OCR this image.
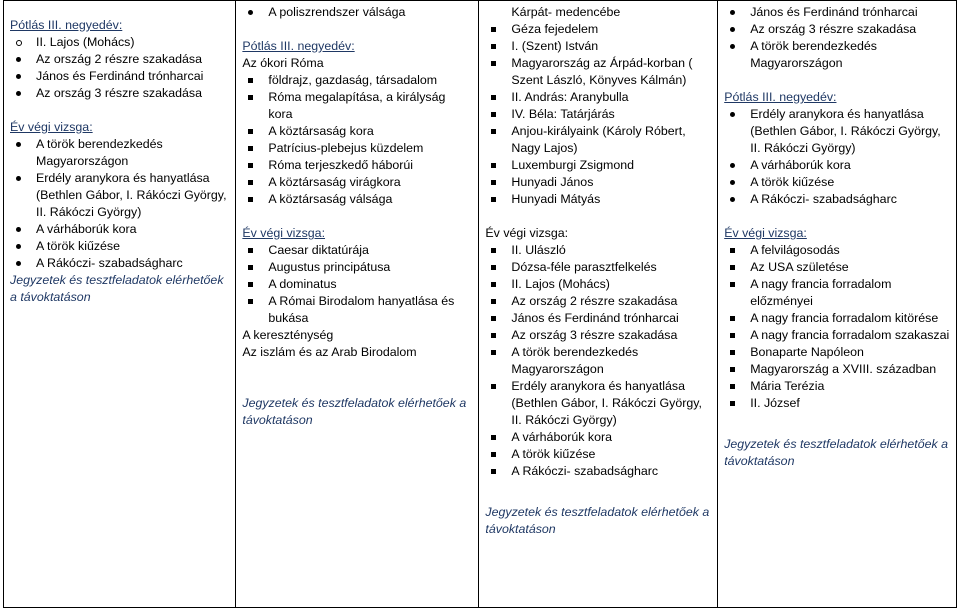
Pótlás III. negyedév:
II. Lajos (Mohács)
Az ország 2 részre szakadása
János és Ferdinánd trónharcai
Az ország 3 részre szakadása
Év végi vizsga:
A török berendezkedés Magyarországon
Erdély aranykora és hanyatlása (Bethlen Gábor, I. Rákóczi György, II. Rákóczi György)
A várháborúk kora
A török kiűzése
A Rákóczi- szabadságharc
Jegyzetek és tesztfeladatok elérhetőek a távoktatáson

A poliszrendszer válsága
Pótlás III. negyedév:
Az ókori Róma
földrajz, gazdaság, társadalom
Róma megalapítása, a királyság kora
A köztársaság kora
Patrícius-plebejus küzdelem
Róma terjeszkedő háborúi
A köztársaság virágkora
A köztársaság válsága
Év végi vizsga:
Caesar diktatúrája
Augustus principátusa
A dominatus
A Római Birodalom hanyatlása és bukása
A kereszténység
Az iszlám és az Arab Birodalom
Jegyzetek és tesztfeladatok elérhetőek a távoktatáson

Kárpát- medencébe
Géza fejedelem
I. (Szent) István
Magyarország az Árpád-korban ( Szent László, Könyves Kálmán)
II. András: Aranybulla
IV. Béla: Tatárjárás
Anjou-királyaink (Károly Róbert, Nagy Lajos)
Luxemburgi Zsigmond
Hunyadi János
Hunyadi Mátyás
Év végi vizsga:
II. Ulászló
Dózsa-féle parasztfelkelés
II. Lajos (Mohács)
Az ország 2 részre szakadása
János és Ferdinánd trónharcai
Az ország 3 részre szakadása
A török berendezkedés Magyarországon
Erdély aranykora és hanyatlása (Bethlen Gábor, I. Rákóczi György, II. Rákóczi György)
A várháborúk kora
A török kiűzése
A Rákóczi- szabadságharc
Jegyzetek és tesztfeladatok elérhetőek a távoktatáson

János és Ferdinánd trónharcai
Az ország 3 részre szakadása
A török berendezkedés Magyarországon
Pótlás III. negyedév:
Erdély aranykora és hanyatlása (Bethlen Gábor, I. Rákóczi György, II. Rákóczi György)
A várháborúk kora
A török kiűzése
A Rákóczi- szabadságharc
Év végi vizsga:
A felvilágosodás
Az USA születése
A nagy francia forradalom előzményei
A nagy francia forradalom kitörése
A nagy francia forradalom szakaszai
Bonaparte Napóleon
Magyarország a XVIII. században
Mária Terézia
II. József
Jegyzetek és tesztfeladatok elérhetőek a távoktatáson
